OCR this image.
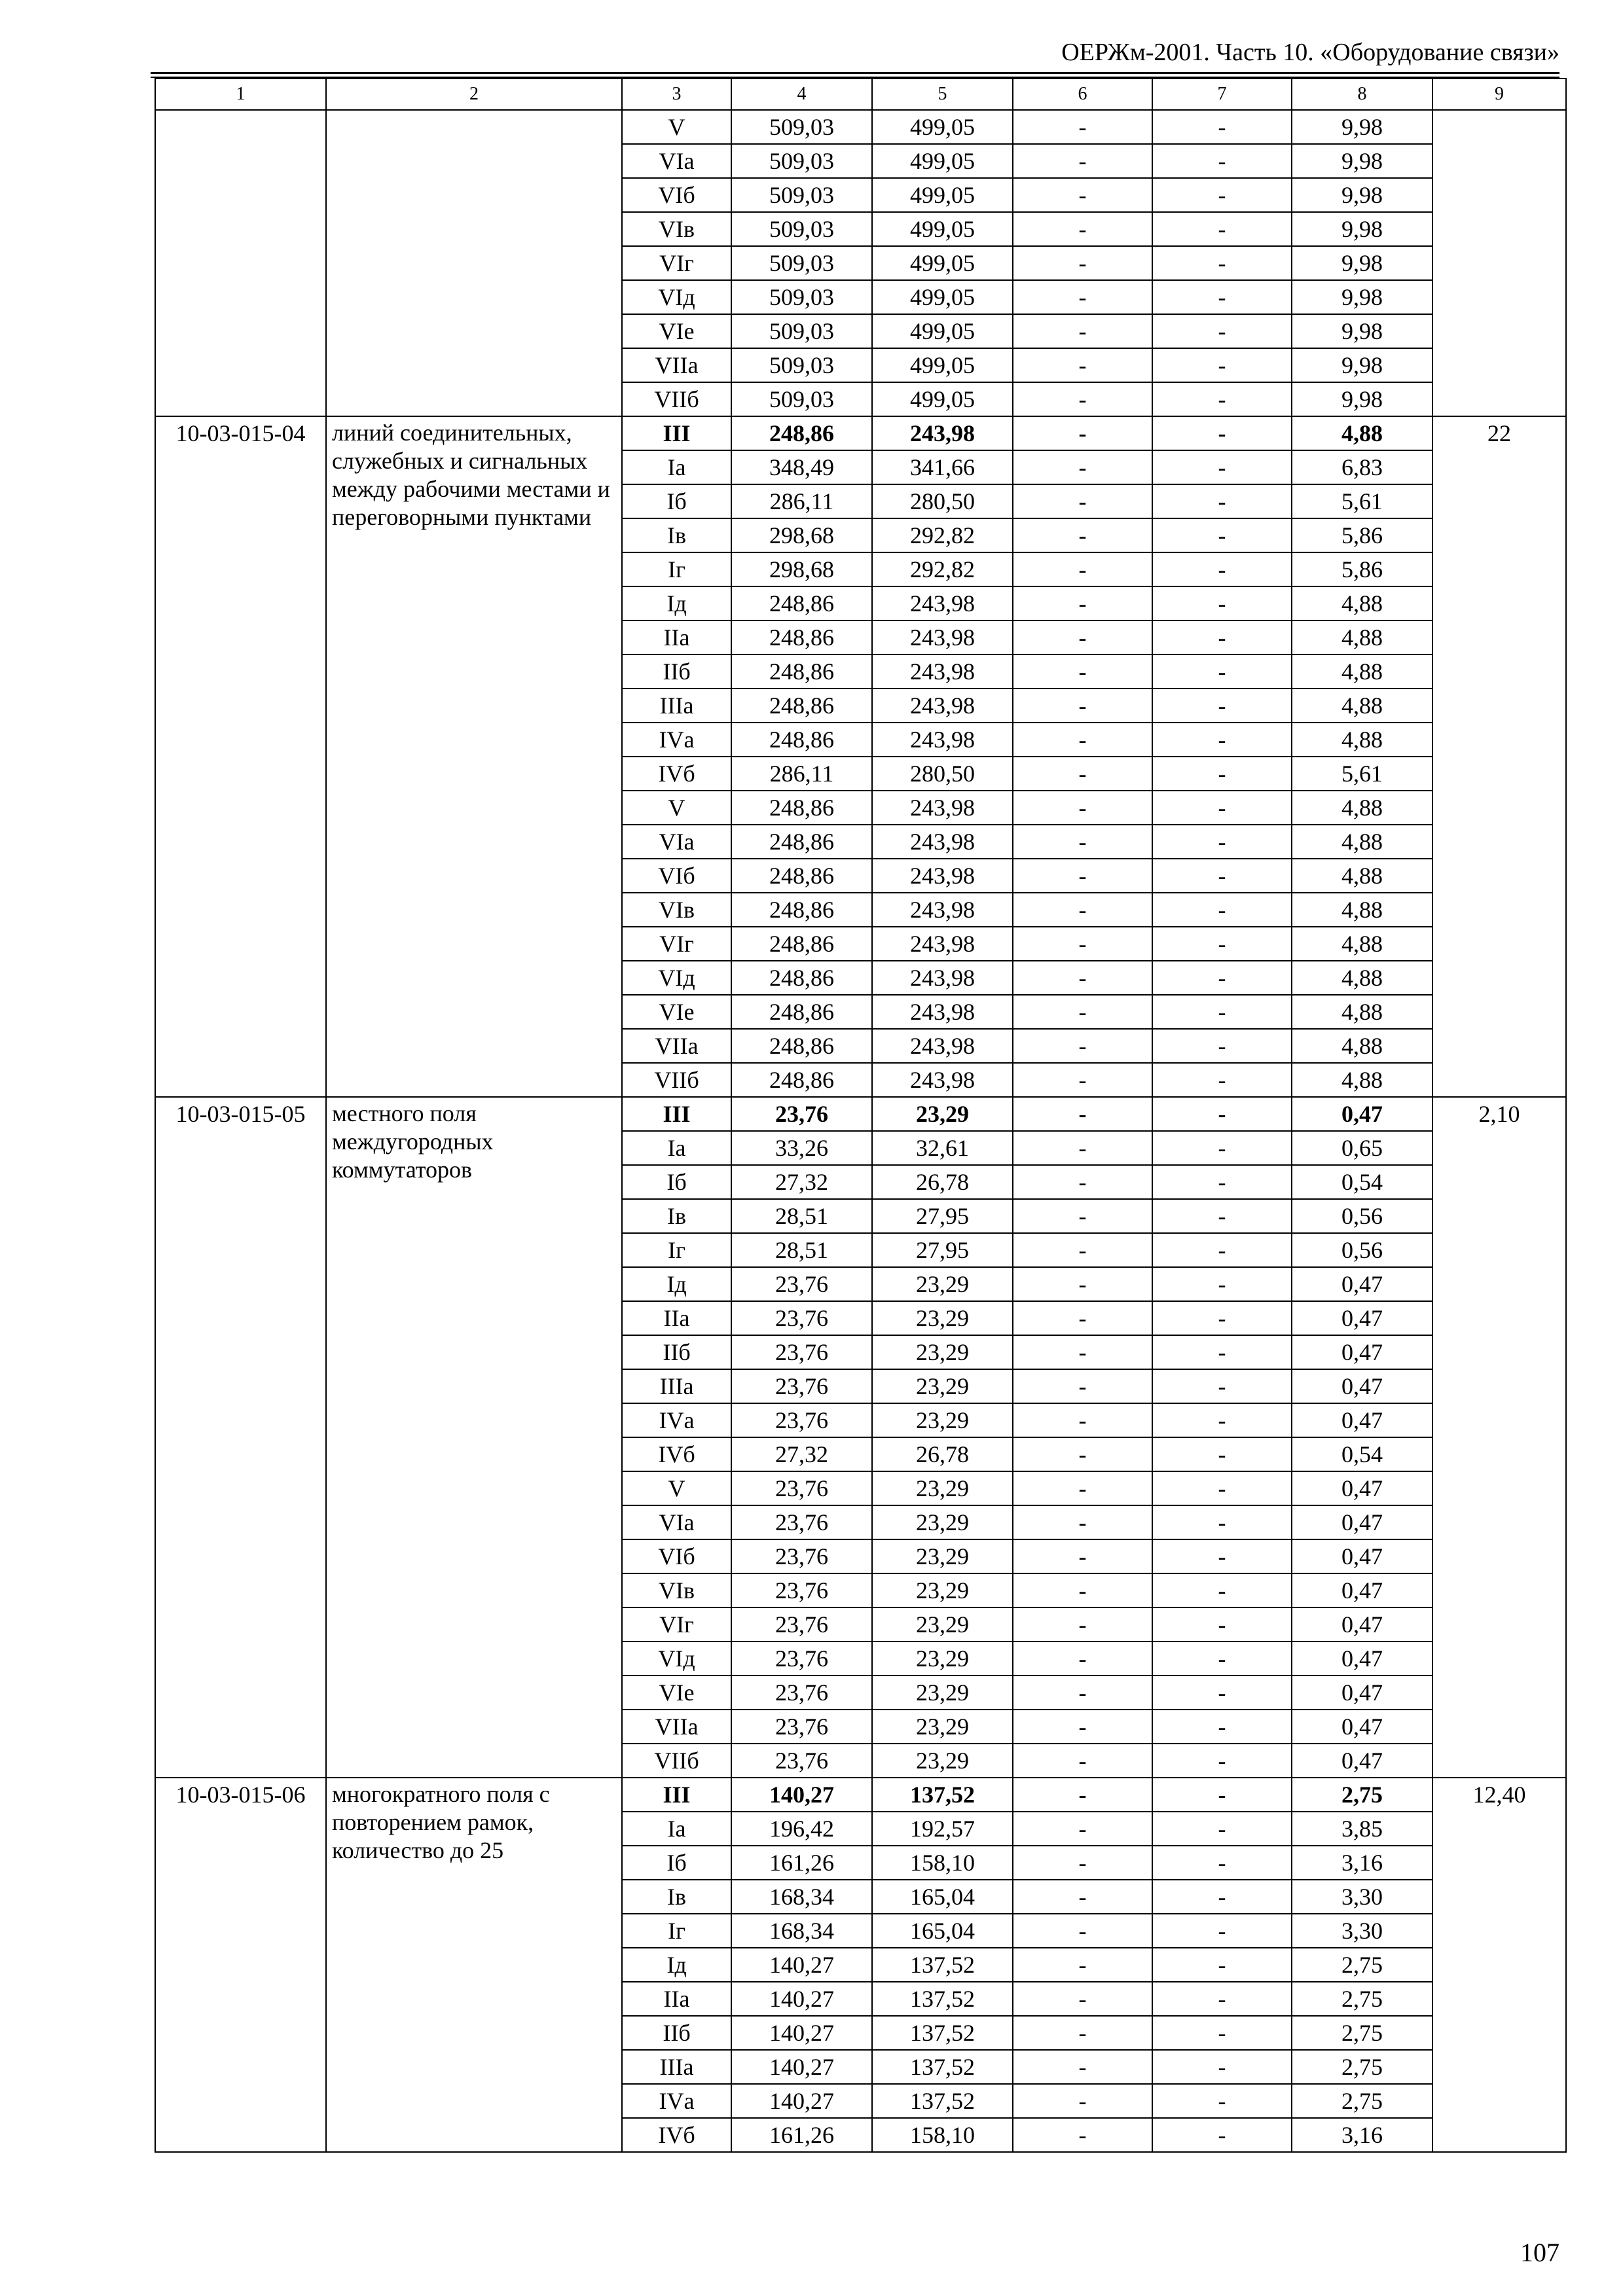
ОЕРЖм-2001. Часть 10. «Оборудование связи»
1	2	3	4	5	6	7	8	9
		V	509,03	499,05	-	-	9,98	
		VIа	509,03	499,05	-	-	9,98	
		VIб	509,03	499,05	-	-	9,98	
		VIв	509,03	499,05	-	-	9,98	
		VIг	509,03	499,05	-	-	9,98	
		VIд	509,03	499,05	-	-	9,98	
		VIе	509,03	499,05	-	-	9,98	
		VIIа	509,03	499,05	-	-	9,98	
		VIIб	509,03	499,05	-	-	9,98	
10-03-015-04	линий соединительных, служебных и сигнальных между рабочими местами и переговорными пунктами	III	248,86	243,98	-	-	4,88	22
		Iа	348,49	341,66	-	-	6,83	
		Iб	286,11	280,50	-	-	5,61	
		Iв	298,68	292,82	-	-	5,86	
		Iг	298,68	292,82	-	-	5,86	
		Iд	248,86	243,98	-	-	4,88	
		IIа	248,86	243,98	-	-	4,88	
		IIб	248,86	243,98	-	-	4,88	
		IIIа	248,86	243,98	-	-	4,88	
		IVа	248,86	243,98	-	-	4,88	
		IVб	286,11	280,50	-	-	5,61	
		V	248,86	243,98	-	-	4,88	
		VIа	248,86	243,98	-	-	4,88	
		VIб	248,86	243,98	-	-	4,88	
		VIв	248,86	243,98	-	-	4,88	
		VIг	248,86	243,98	-	-	4,88	
		VIд	248,86	243,98	-	-	4,88	
		VIе	248,86	243,98	-	-	4,88	
		VIIа	248,86	243,98	-	-	4,88	
		VIIб	248,86	243,98	-	-	4,88	
10-03-015-05	местного поля междугородных коммутаторов	III	23,76	23,29	-	-	0,47	2,10
		Iа	33,26	32,61	-	-	0,65	
		Iб	27,32	26,78	-	-	0,54	
		Iв	28,51	27,95	-	-	0,56	
		Iг	28,51	27,95	-	-	0,56	
		Iд	23,76	23,29	-	-	0,47	
		IIа	23,76	23,29	-	-	0,47	
		IIб	23,76	23,29	-	-	0,47	
		IIIа	23,76	23,29	-	-	0,47	
		IVа	23,76	23,29	-	-	0,47	
		IVб	27,32	26,78	-	-	0,54	
		V	23,76	23,29	-	-	0,47	
		VIа	23,76	23,29	-	-	0,47	
		VIб	23,76	23,29	-	-	0,47	
		VIв	23,76	23,29	-	-	0,47	
		VIг	23,76	23,29	-	-	0,47	
		VIд	23,76	23,29	-	-	0,47	
		VIе	23,76	23,29	-	-	0,47	
		VIIа	23,76	23,29	-	-	0,47	
		VIIб	23,76	23,29	-	-	0,47	
10-03-015-06	многократного поля с повторением рамок, количество до 25	III	140,27	137,52	-	-	2,75	12,40
		Iа	196,42	192,57	-	-	3,85	
		Iб	161,26	158,10	-	-	3,16	
		Iв	168,34	165,04	-	-	3,30	
		Iг	168,34	165,04	-	-	3,30	
		Iд	140,27	137,52	-	-	2,75	
		IIа	140,27	137,52	-	-	2,75	
		IIб	140,27	137,52	-	-	2,75	
		IIIа	140,27	137,52	-	-	2,75	
		IVа	140,27	137,52	-	-	2,75	
		IVб	161,26	158,10	-	-	3,16	
107
